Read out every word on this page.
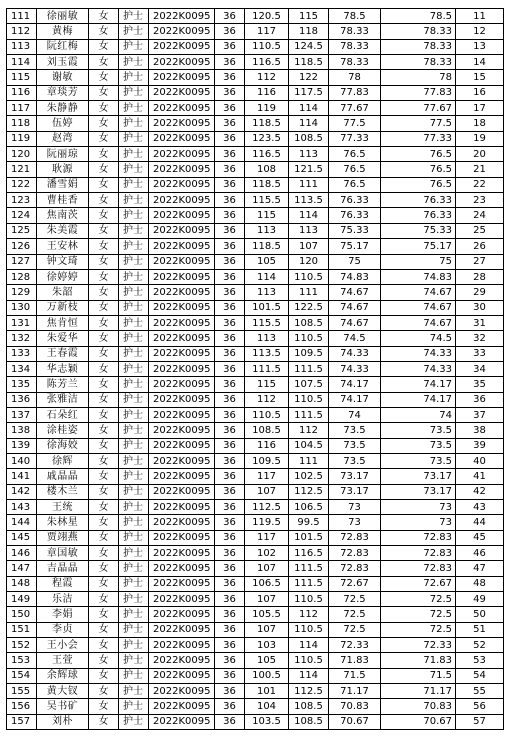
111	徐丽敏	女	护士	2022K0095	36	120.5	115	78.5	78.5	11
112	黄梅	女	护士	2022K0095	36	117	118	78.33	78.33	12
113	阮红梅	女	护士	2022K0095	36	110.5	124.5	78.33	78.33	13
114	刘玉霞	女	护士	2022K0095	36	116.5	118.5	78.33	78.33	14
115	谢敏	女	护士	2022K0095	36	112	122	78	78	15
116	章琰芳	女	护士	2022K0095	36	116	117.5	77.83	77.83	16
117	朱静静	女	护士	2022K0095	36	119	114	77.67	77.67	17
118	伍婷	女	护士	2022K0095	36	118.5	114	77.5	77.5	18
119	赵湾	女	护士	2022K0095	36	123.5	108.5	77.33	77.33	19
120	阮丽琼	女	护士	2022K0095	36	116.5	113	76.5	76.5	20
121	耿源	女	护士	2022K0095	36	108	121.5	76.5	76.5	21
122	潘雪娟	女	护士	2022K0095	36	118.5	111	76.5	76.5	22
123	曹桂香	女	护士	2022K0095	36	115.5	113.5	76.33	76.33	23
124	焦南茨	女	护士	2022K0095	36	115	114	76.33	76.33	24
125	朱美霞	女	护士	2022K0095	36	113	113	75.33	75.33	25
126	王安林	女	护士	2022K0095	36	118.5	107	75.17	75.17	26
127	钟文琦	女	护士	2022K0095	36	105	120	75	75	27
128	徐婷婷	女	护士	2022K0095	36	114	110.5	74.83	74.83	28
129	朱韶	女	护士	2022K0095	36	113	111	74.67	74.67	29
130	万新枝	女	护士	2022K0095	36	101.5	122.5	74.67	74.67	30
131	焦肯恒	女	护士	2022K0095	36	115.5	108.5	74.67	74.67	31
132	朱爱华	女	护士	2022K0095	36	113	110.5	74.5	74.5	32
133	王春霞	女	护士	2022K0095	36	113.5	109.5	74.33	74.33	33
134	华志颖	女	护士	2022K0095	36	111.5	111.5	74.33	74.33	34
135	陈芳兰	女	护士	2022K0095	36	115	107.5	74.17	74.17	35
136	张雅洁	女	护士	2022K0095	36	112	110.5	74.17	74.17	36
137	石朵红	女	护士	2022K0095	36	110.5	111.5	74	74	37
138	涂桂姿	女	护士	2022K0095	36	108.5	112	73.5	73.5	38
139	徐海姣	女	护士	2022K0095	36	116	104.5	73.5	73.5	39
140	徐辉	女	护士	2022K0095	36	109.5	111	73.5	73.5	40
141	戚晶晶	女	护士	2022K0095	36	117	102.5	73.17	73.17	41
142	楼木兰	女	护士	2022K0095	36	107	112.5	73.17	73.17	42
143	王统	女	护士	2022K0095	36	112.5	106.5	73	73	43
144	朱林星	女	护士	2022K0095	36	119.5	99.5	73	73	44
145	贾翊燕	女	护士	2022K0095	36	117	101.5	72.83	72.83	45
146	章国敏	女	护士	2022K0095	36	102	116.5	72.83	72.83	46
147	吉晶晶	女	护士	2022K0095	36	107	111.5	72.83	72.83	47
148	程霞	女	护士	2022K0095	36	106.5	111.5	72.67	72.67	48
149	乐洁	女	护士	2022K0095	36	107	110.5	72.5	72.5	49
150	李娟	女	护士	2022K0095	36	105.5	112	72.5	72.5	50
151	李贞	女	护士	2022K0095	36	107	110.5	72.5	72.5	51
152	王小会	女	护士	2022K0095	36	103	114	72.33	72.33	52
153	王萱	女	护士	2022K0095	36	105	110.5	71.83	71.83	53
154	余辉球	女	护士	2022K0095	36	100.5	114	71.5	71.5	54
155	黄大钗	女	护士	2022K0095	36	101	112.5	71.17	71.17	55
156	吴书矿	女	护士	2022K0095	36	104	108.5	70.83	70.83	56
157	刘朴	女	护士	2022K0095	36	103.5	108.5	70.67	70.67	57
